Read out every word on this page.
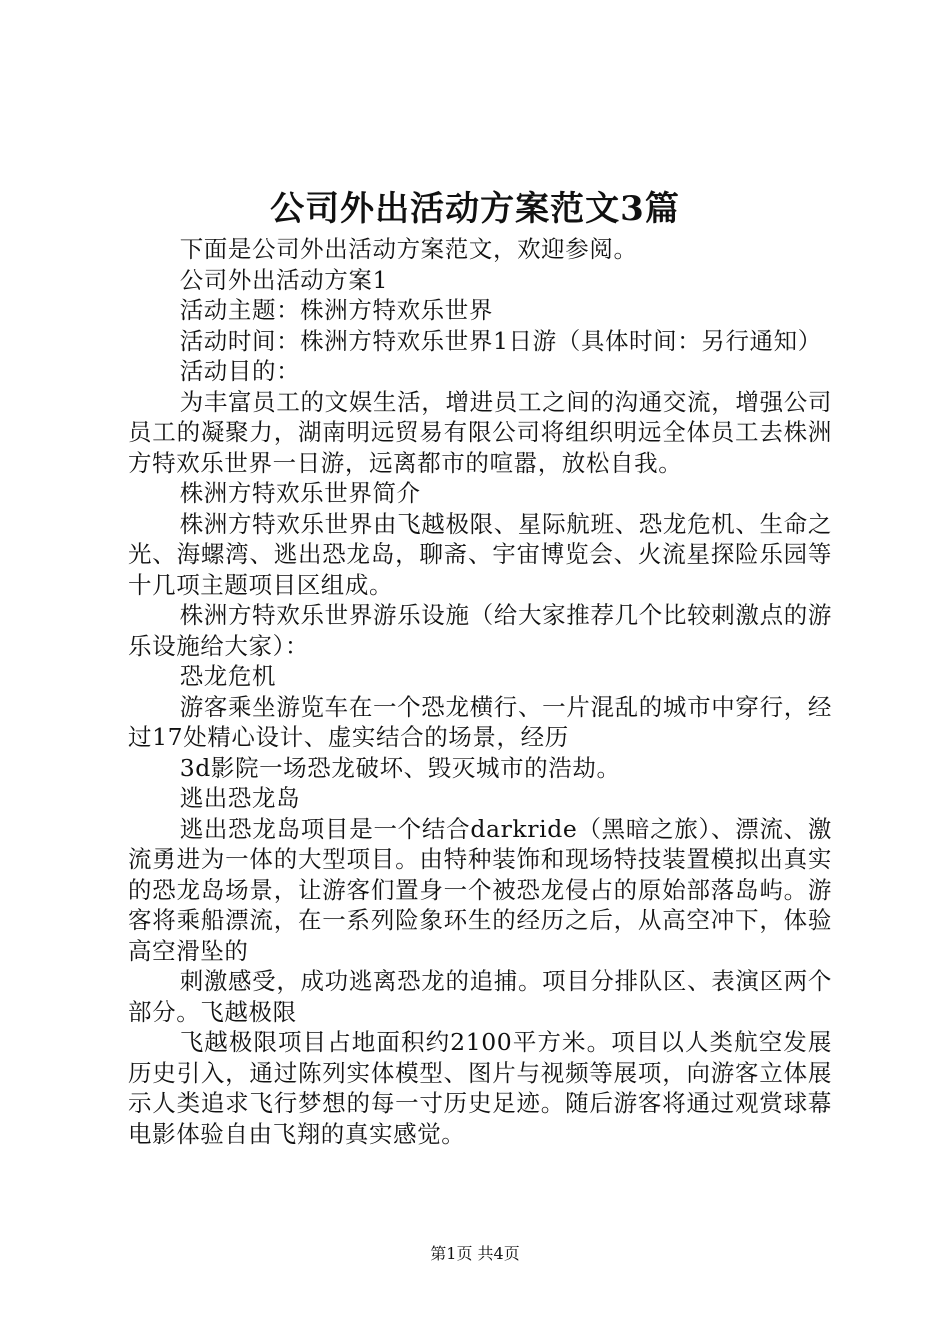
公司外出活动方案范文3篇

下面是公司外出活动方案范文，欢迎参阅。

公司外出活动方案1

活动主题：株洲方特欢乐世界

活动时间：株洲方特欢乐世界1日游（具体时间：另行通知）

活动目的：

为丰富员工的文娱生活，增进员工之间的沟通交流，增强公司员工的凝聚力，湖南明远贸易有限公司将组织明远全体员工去株洲方特欢乐世界一日游，远离都市的喧嚣，放松自我。

株洲方特欢乐世界简介

株洲方特欢乐世界由飞越极限、星际航班、恐龙危机、生命之光、海螺湾、逃出恐龙岛，聊斋、宇宙博览会、火流星探险乐园等十几项主题项目区组成。

株洲方特欢乐世界游乐设施（给大家推荐几个比较刺激点的游乐设施给大家）：

恐龙危机

游客乘坐游览车在一个恐龙横行、一片混乱的城市中穿行，经过17处精心设计、虚实结合的场景，经历

3d影院一场恐龙破坏、毁灭城市的浩劫。

逃出恐龙岛

逃出恐龙岛项目是一个结合darkride（黑暗之旅）、漂流、激流勇进为一体的大型项目。由特种装饰和现场特技装置模拟出真实的恐龙岛场景，让游客们置身一个被恐龙侵占的原始部落岛屿。游客将乘船漂流，在一系列险象环生的经历之后，从高空冲下，体验高空滑坠的

刺激感受，成功逃离恐龙的追捕。项目分排队区、表演区两个部分。飞越极限

飞越极限项目占地面积约2100平方米。项目以人类航空发展历史引入，通过陈列实体模型、图片与视频等展项，向游客立体展示人类追求飞行梦想的每一寸历史足迹。随后游客将通过观赏球幕电影体验自由飞翔的真实感觉。

第1页 共4页
